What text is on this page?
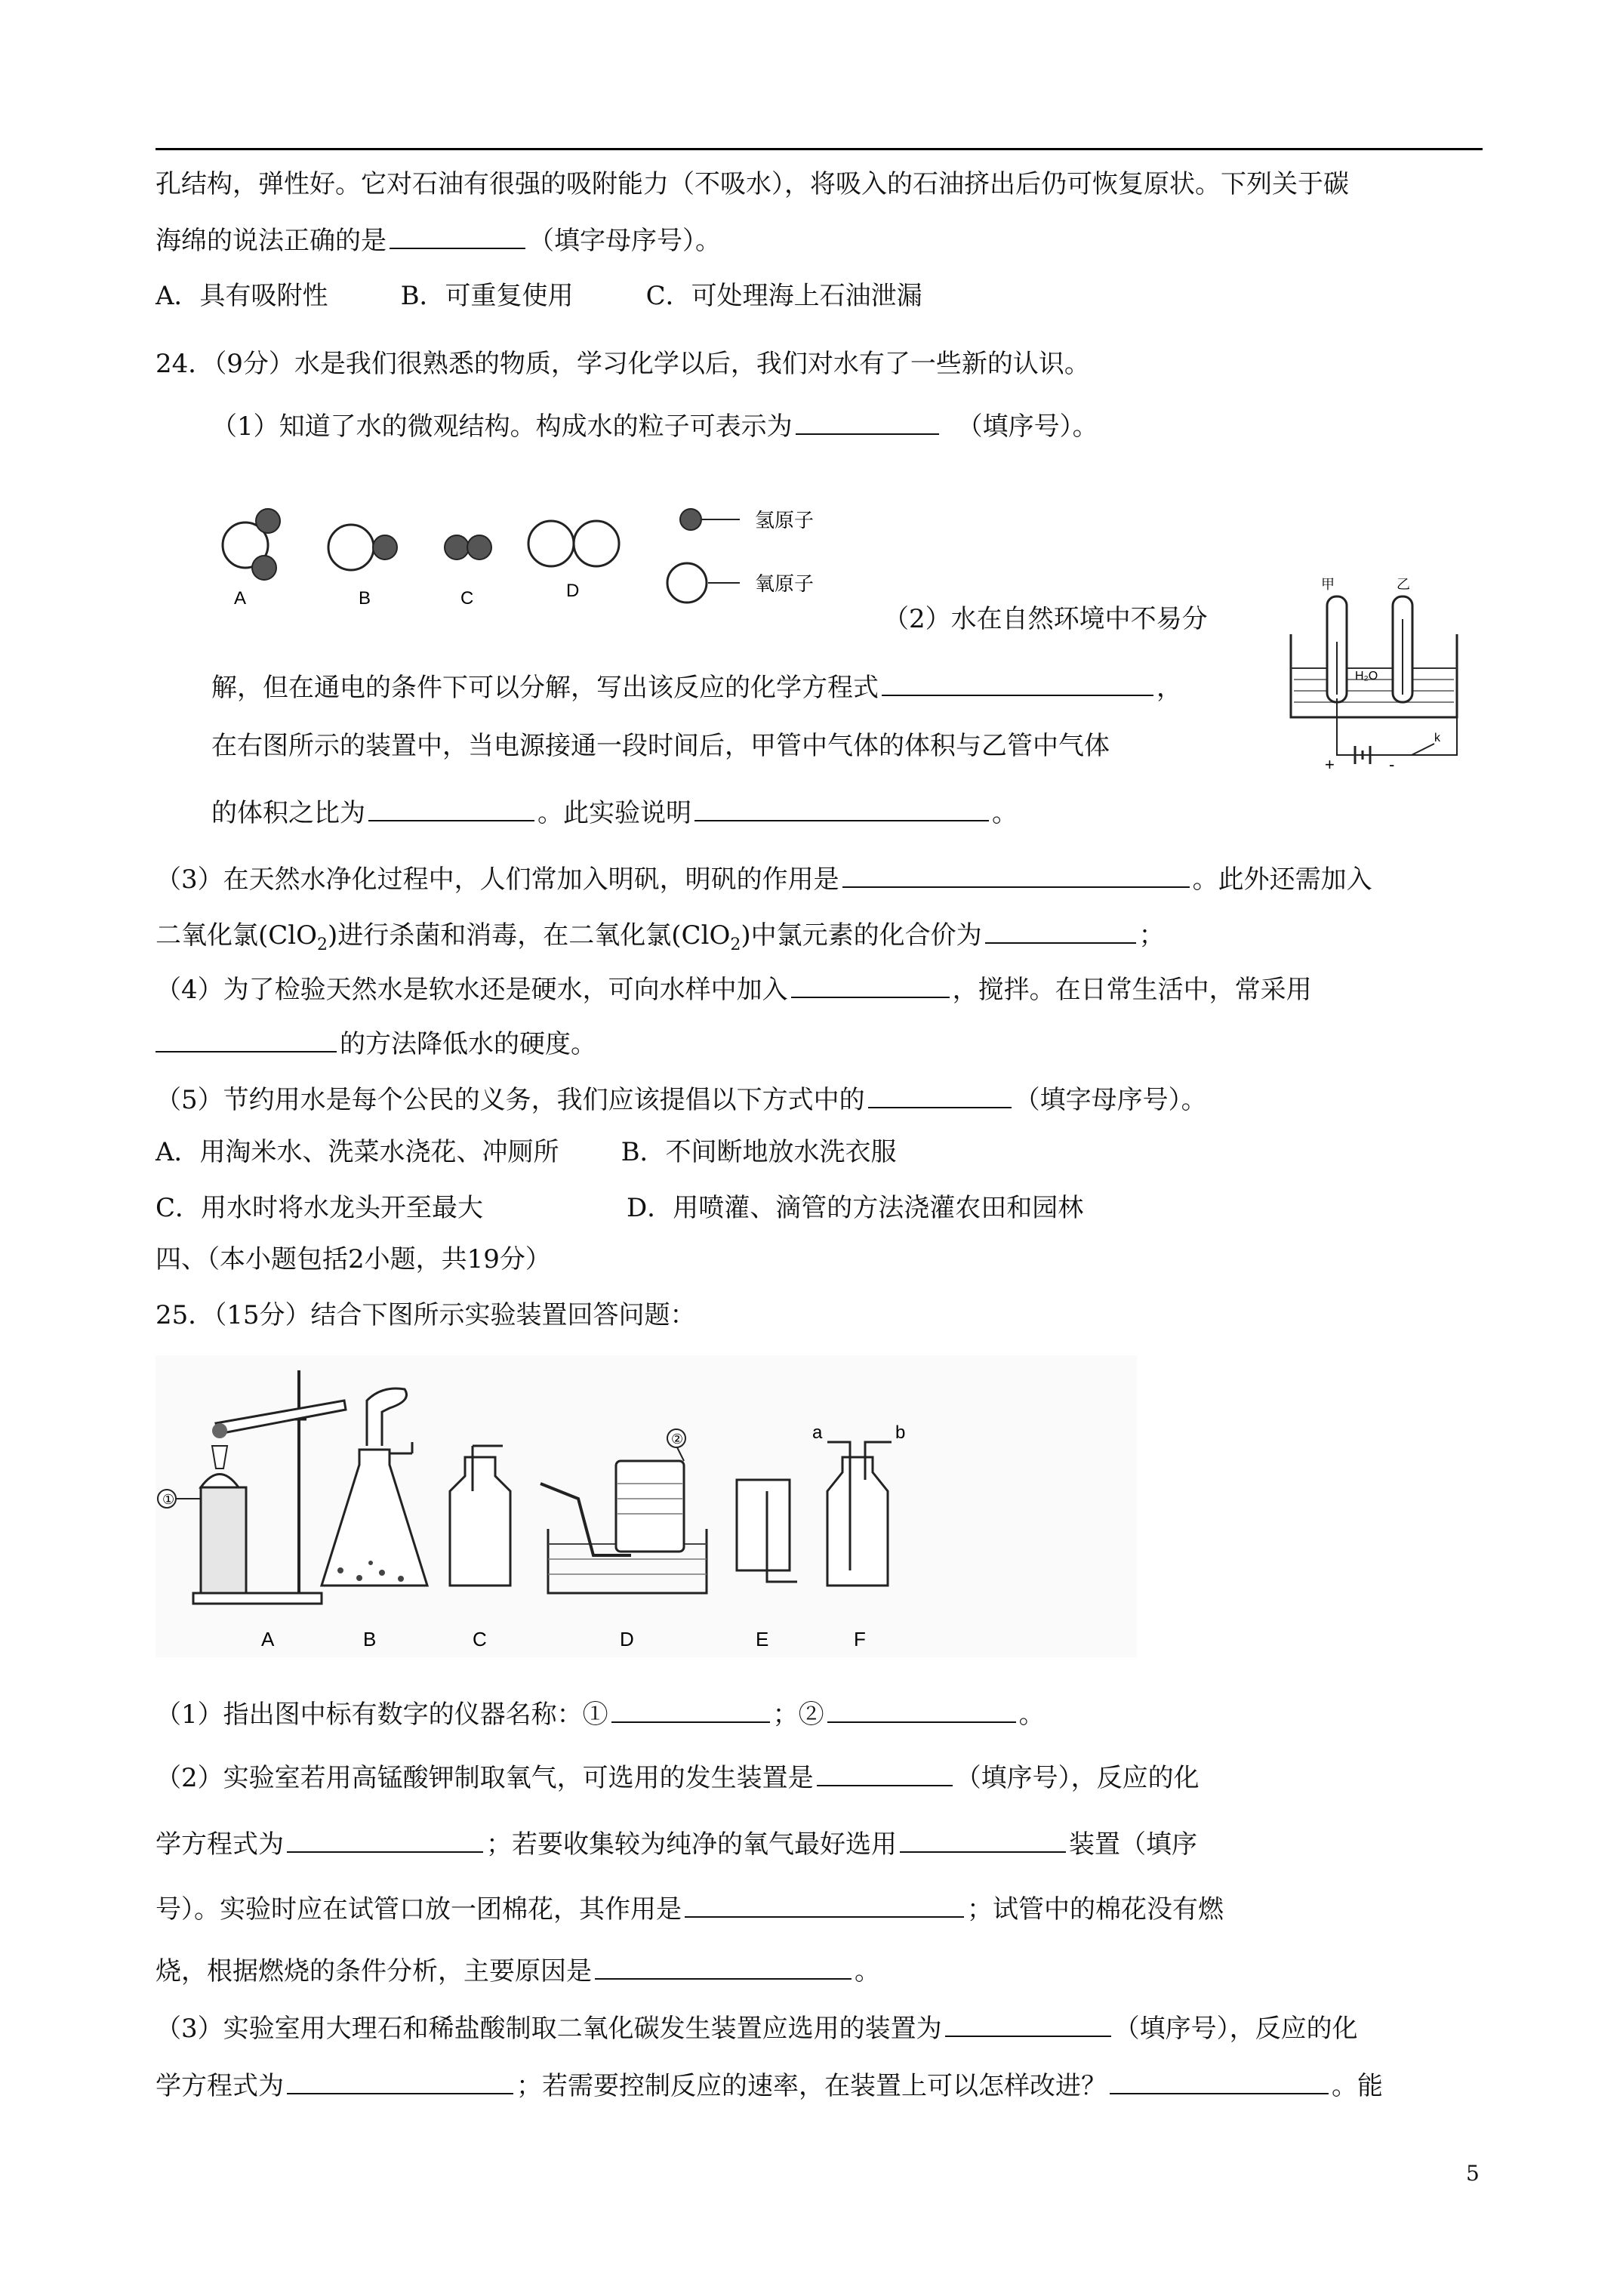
孔结构，弹性好。它对石油有很强的吸附能力（不吸水），将吸入的石油挤出后仍可恢复原状。下列关于碳
海绵的说法正确的是	（填字母序号）。
A．具有吸附性	B．可重复使用	C．可处理海上石油泄漏
24．（9分）水是我们很熟悉的物质，学习化学以后，我们对水有了一些新的认识。
（1）知道了水的微观结构。构成水的粒子可表示为	（填序号）。
A	B	C	D
氢原子
氧原子	甲	乙
H₂O
+	-
k
（2）水在自然环境中不易分
解，但在通电的条件下可以分解，写出该反应的化学方程式	，
在右图所示的装置中，当电源接通一段时间后，甲管中气体的体积与乙管中气体
的体积之比为	。此实验说明	。
（3）在天然水净化过程中，人们常加入明矾，明矾的作用是	。此外还需加入
二氧化氯(ClO$_2$)进行杀菌和消毒，在二氧化氯(ClO$_2$)中氯元素的化合价为	；
（4）为了检验天然水是软水还是硬水，可向水样中加入	，搅拌。在日常生活中，常采用
的方法降低水的硬度。
（5）节约用水是每个公民的义务，我们应该提倡以下方式中的	（填字母序号）。
A．用淘米水、洗菜水浇花、冲厕所 B．不间断地放水洗衣服
C．用水时将水龙头开至最大	D．用喷灌、滴管的方法浇灌农田和园林
四、（本小题包括2小题，共19分）
25．（15分）结合下图所示实验装置回答问题：
①
A	B	C
②
D	E
a	b
F
（1）指出图中标有数字的仪器名称：①	；②	。
（2）实验室若用高锰酸钾制取氧气，可选用的发生装置是	（填序号），反应的化
学方程式为	；若要收集较为纯净的氧气最好选用	装置（填序
号）。实验时应在试管口放一团棉花，其作用是	；试管中的棉花没有燃
烧，根据燃烧的条件分析，主要原因是	。
（3）实验室用大理石和稀盐酸制取二氧化碳发生装置应选用的装置为	（填序号），反应的化
学方程式为	；若需要控制反应的速率，在装置上可以怎样改进？	。能
5
